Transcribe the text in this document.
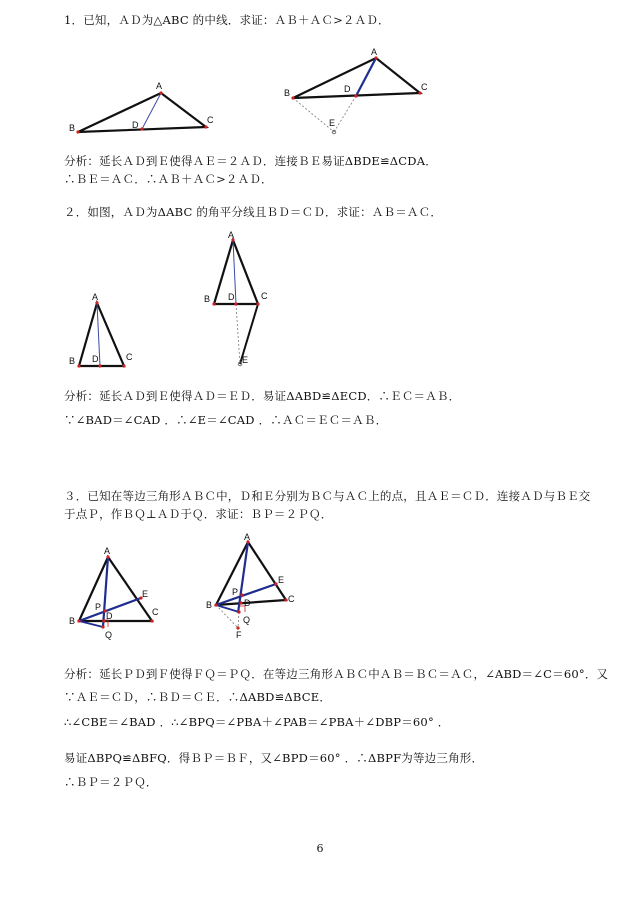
1．已知，ＡＤ为△ABC 的中线．求证：ＡＢ＋ＡＣ>２ＡＤ．
A
B
C
D
A
B
C
D
E
分析：延长ＡＤ到Ｅ使得ＡＥ＝２ＡＤ．连接ＢＥ易证ΔBDE≌ΔCDA．
∴ＢＥ＝ＡＣ．∴ＡＢ＋ＡＣ>２ＡＤ．
２．如图，ＡＤ为ΔABC 的角平分线且ＢＤ＝ＣＤ．求证：ＡＢ＝ＡＣ．
A
B	C
D
A
B	C
D
E
分析：延长ＡＤ到Ｅ使得ＡＤ＝ＥＤ．易证ΔABD≌ΔECD．∴ＥＣ＝ＡＢ．
∵∠BAD＝∠CAD ．∴∠E＝∠CAD ．∴ＡＣ＝ＥＣ＝ＡＢ．
３．已知在等边三角形ＡＢＣ中，Ｄ和Ｅ分别为ＢＣ与ＡＣ上的点，且ＡＥ＝ＣＤ．连接ＡＤ与ＢＥ交
于点Ｐ，作ＢＱ⊥ＡＤ于Ｑ．求证：ＢＰ＝２ＰＱ．
A
B
C
D
E
P
Q
A
B
C
D
E
P
Q
F
分析：延长ＰＤ到Ｆ使得ＦＱ＝ＰＱ．在等边三角形ＡＢＣ中ＡＢ＝ＢＣ＝ＡＣ，∠ABD＝∠C＝60°．又
∵ＡＥ＝ＣＤ，∴ＢＤ＝ＣＥ．∴ΔABD≌ΔBCE．
∴∠CBE＝∠BAD ．∴∠BPQ＝∠PBA＋∠PAB＝∠PBA＋∠DBP＝60° ．
易证ΔBPQ≌ΔBFQ．得ＢＰ＝ＢＦ，又∠BPD＝60° ．∴ΔBPF为等边三角形．
∴ＢＰ＝２ＰＱ．
6
